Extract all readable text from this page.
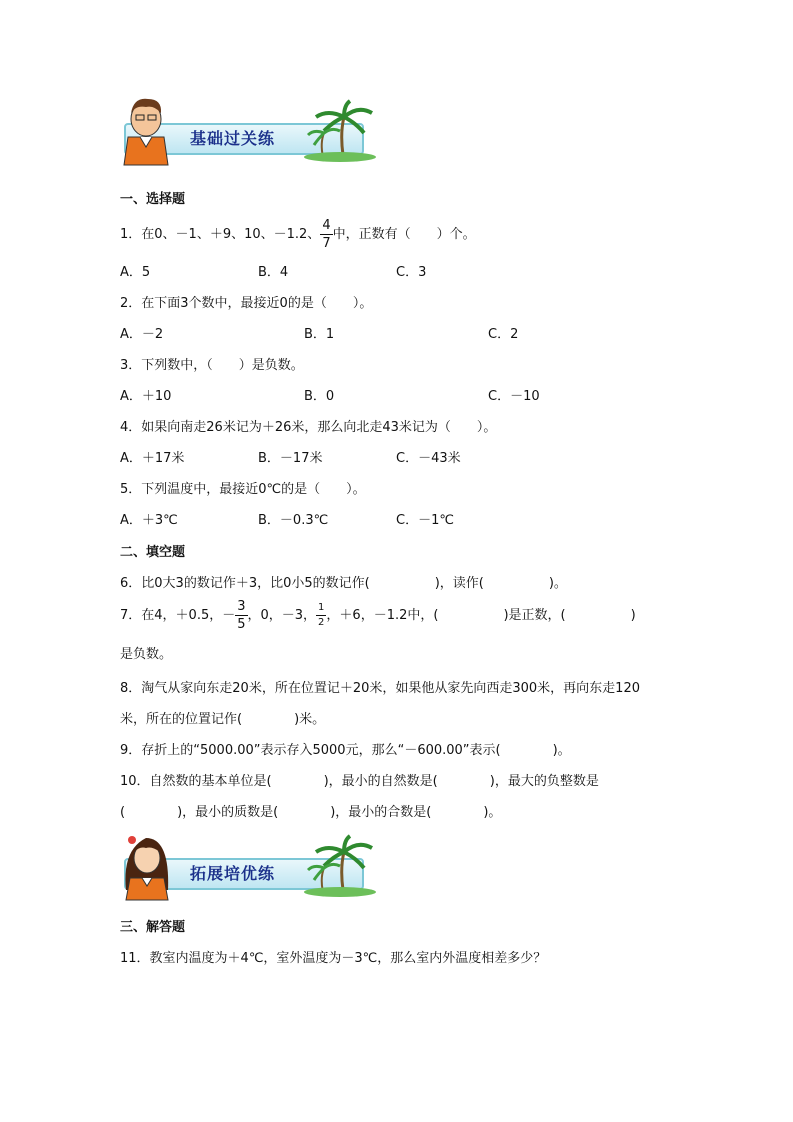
基础过关练
一、选择题
1．在0、－1、＋9、10、－1.2、 $\frac{4}{7}$ 中，正数有（　　）个。
A．5	B．4	C．3
2．在下面3个数中，最接近0的是（　　）。
A．－2	B．1	C．2
3．下列数中，（　　）是负数。
A．＋10	B．0	C．－10
4．如果向南走26米记为＋26米，那么向北走43米记为（　　）。
A．＋17米	B．－17米	C．－43米
5．下列温度中，最接近0℃的是（　　）。
A．＋3℃	B．－0.3℃	C．－1℃
二、填空题
6．比0大3的数记作＋3，比0小5的数记作(　　　　　)，读作(　　　　　)。
7．在4，＋0.5，－ $\frac{3}{5}$ ，0，－3， $\frac{1}{2}$ ，＋6，－1.2中，(　　　　　)是正数，(　　　　　)
是负数。
8．淘气从家向东走20米，所在位置记＋20米，如果他从家先向西走300米，再向东走120
米，所在的位置记作(　　　　)米。
9．存折上的“5000.00”表示存入5000元，那么“－600.00”表示(　　　　)。
10．自然数的基本单位是(　　　　)，最小的自然数是(　　　　)，最大的负整数是
(　　　　)，最小的质数是(　　　　)，最小的合数是(　　　　)。
拓展培优练
三、解答题
11．教室内温度为＋4℃，室外温度为－3℃，那么室内外温度相差多少？
